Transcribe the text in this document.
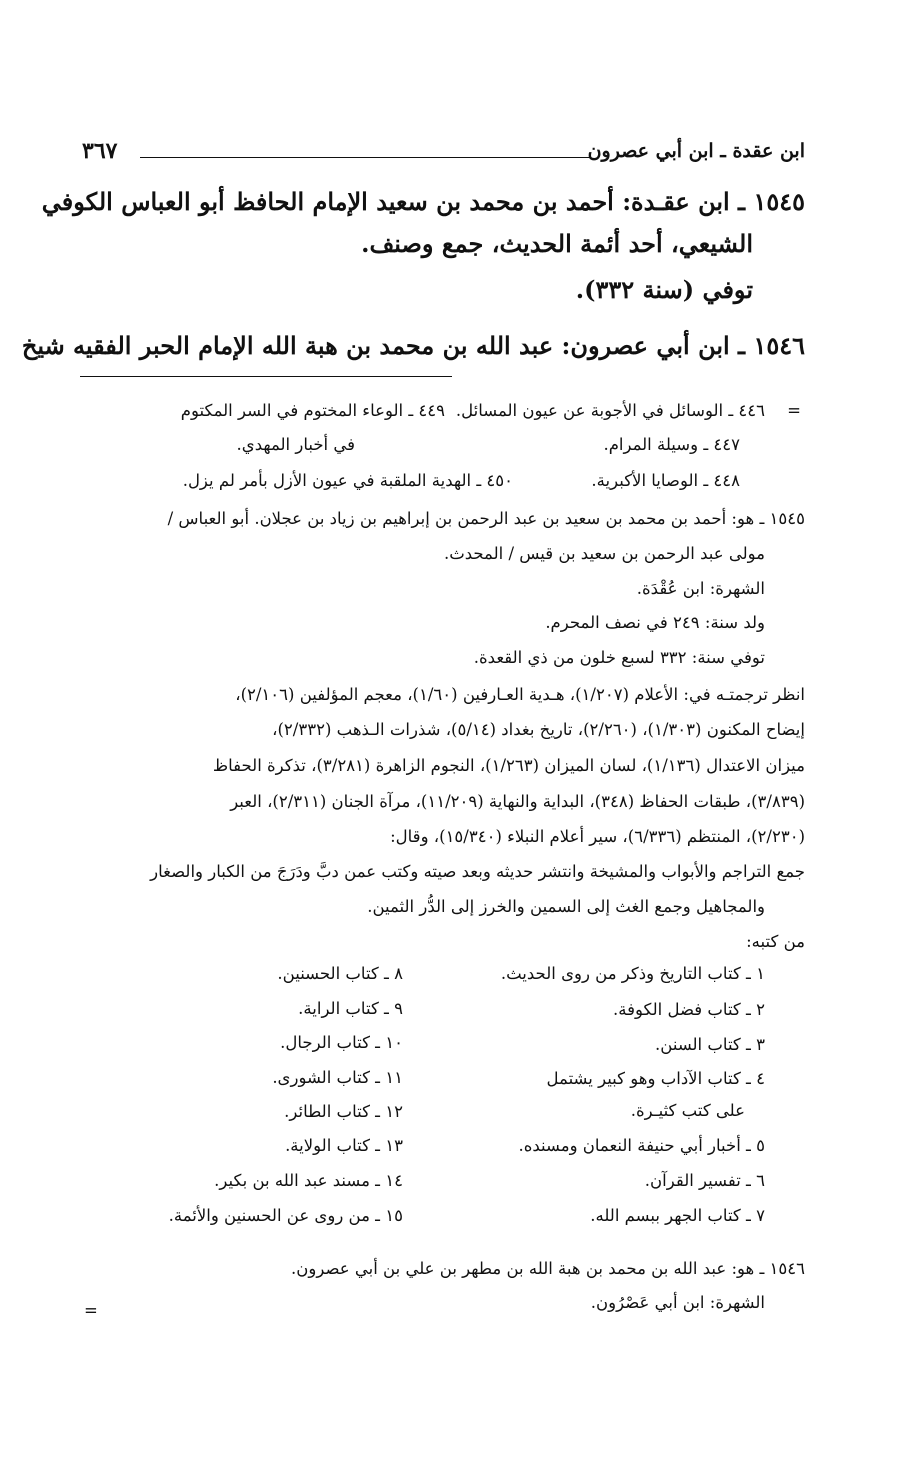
ابن عقدة ـ ابن أبي عصرون
٣٦٧
١٥٤٥ ـ ابن عقـدة: أحمد بن محمد بن سعيد الإمام الحافظ أبو العباس الكوفي
الشيعي، أحد أئمة الحديث، جمع وصنف.
توفي (سنة ٣٣٢).
١٥٤٦ ـ ابن أبي عصرون: عبد الله بن محمد بن هبة الله الإمام الحبر الفقيه شيخ
=
٤٤٦ ـ الوسائل في الأجوبة عن عيون المسائل.
٤٤٧ ـ وسيلة المرام.
٤٤٨ ـ الوصايا الأكبرية.
٤٤٩ ـ الوعاء المختوم في السر المكتوم
في أخبار المهدي.
٤٥٠ ـ الهدية الملقبة في عيون الأزل بأمر لم يزل.
١٥٤٥ ـ هو: أحمد بن محمد بن سعيد بن عبد الرحمن بن إبراهيم بن زياد بن عجلان. أبو العباس /
مولى عبد الرحمن بن سعيد بن قيس / المحدث.
الشهرة: ابن عُقْدَة.
ولد سنة: ٢٤٩ في نصف المحرم.
توفي سنة: ٣٣٢ لسبع خلون من ذي القعدة.
انظر ترجمتـه في: الأعلام (١/٢٠٧)، هـدية العـارفين (١/٦٠)، معجم المؤلفين (٢/١٠٦)،
إيضاح المكنون (١/٣٠٣)، (٢/٢٦٠)، تاريخ بغداد (٥/١٤)، شذرات الـذهب (٢/٣٣٢)،
ميزان الاعتدال (١/١٣٦)، لسان الميزان (١/٢٦٣)، النجوم الزاهرة (٣/٢٨١)، تذكرة الحفاظ
(٣/٨٣٩)، طبقات الحفاظ (٣٤٨)، البداية والنهاية (١١/٢٠٩)، مرآة الجنان (٢/٣١١)، العبر
(٢/٢٣٠)، المنتظم (٦/٣٣٦)، سير أعلام النبلاء (١٥/٣٤٠)، وقال:
جمع التراجم والأبواب والمشيخة وانتشر حديثه وبعد صيته وكتب عمن دبَّ ودَرَجَ من الكبار والصغار
والمجاهيل وجمع الغث إلى السمين والخرز إلى الدُّر الثمين.
من كتبه:
١ ـ كتاب التاريخ وذكر من روى الحديث.
٢ ـ كتاب فضل الكوفة.
٣ ـ كتاب السنن.
٤ ـ كتاب الآداب وهو كبير يشتمل
على كتب كثيـرة.
٥ ـ أخبار أبي حنيفة النعمان ومسنده.
٦ ـ تفسير القرآن.
٧ ـ كتاب الجهر ببسم الله.
٨ ـ كتاب الحسنين.
٩ ـ كتاب الراية.
١٠ ـ كتاب الرجال.
١١ ـ كتاب الشورى.
١٢ ـ كتاب الطائر.
١٣ ـ كتاب الولاية.
١٤ ـ مسند عبد الله بن بكير.
١٥ ـ من روى عن الحسنين والأئمة.
١٥٤٦ ـ هو: عبد الله بن محمد بن هبة الله بن مطهر بن علي بن أبي عصرون.
الشهرة: ابن أبي عَصْرُون.
=
